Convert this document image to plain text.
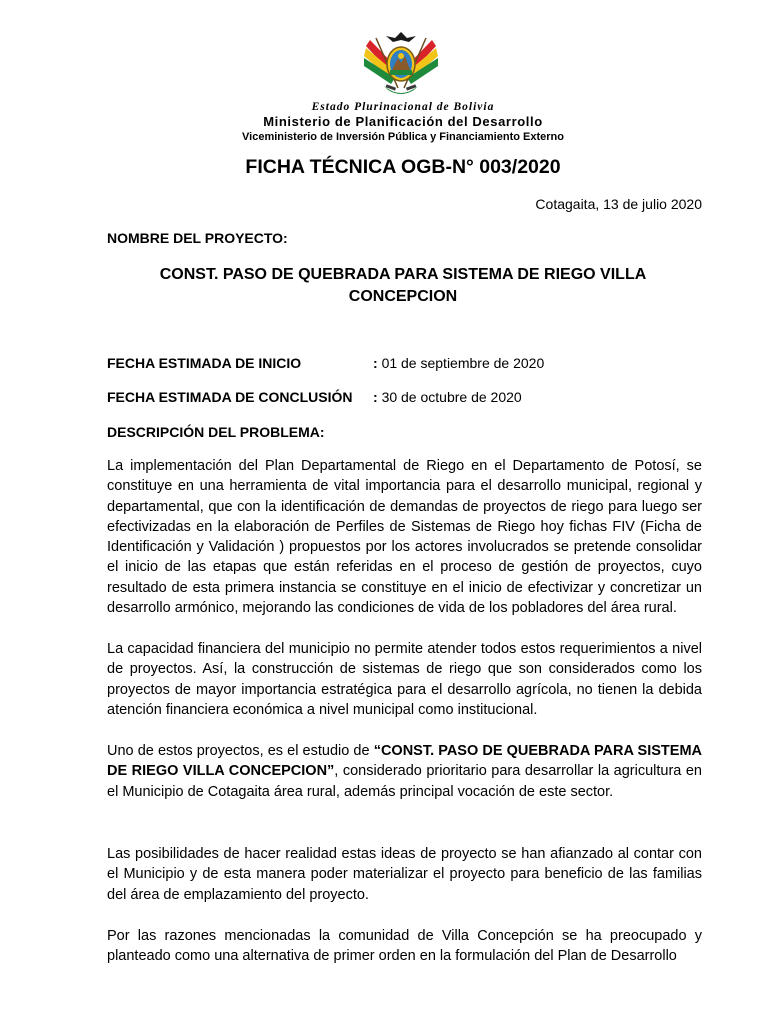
Estado Plurinacional de Bolivia
Ministerio de Planificación del Desarrollo
Viceministerio de Inversión Pública y Financiamiento Externo
FICHA TÉCNICA OGB-N° 003/2020
Cotagaita, 13 de julio 2020
NOMBRE DEL PROYECTO:
CONST. PASO DE QUEBRADA PARA SISTEMA DE RIEGO VILLA CONCEPCION
FECHA ESTIMADA DE INICIO	: 01 de septiembre de 2020
FECHA ESTIMADA DE CONCLUSIÓN : 30 de octubre de 2020
DESCRIPCIÓN DEL PROBLEMA:

La implementación del Plan Departamental de Riego en el Departamento de Potosí, se constituye en una herramienta de vital importancia para el desarrollo municipal, regional y departamental, que con la identificación de demandas de proyectos de riego para luego ser efectivizadas en la elaboración de Perfiles de Sistemas de Riego hoy fichas FIV (Ficha de Identificación y Validación ) propuestos por los actores involucrados se pretende consolidar el inicio de las etapas que están referidas en el proceso de gestión de proyectos, cuyo resultado de esta primera instancia se constituye en el inicio de efectivizar y concretizar un desarrollo armónico, mejorando las condiciones de vida de los pobladores del área rural.

La capacidad financiera del municipio no permite atender todos estos requerimientos a nivel de proyectos. Así, la construcción de sistemas de riego que son considerados como los proyectos de mayor importancia estratégica para el desarrollo agrícola, no tienen la debida atención financiera económica a nivel municipal como institucional.

Uno de estos proyectos, es el estudio de “CONST. PASO DE QUEBRADA PARA SISTEMA DE RIEGO VILLA CONCEPCION”, considerado prioritario para desarrollar la agricultura en el Municipio de Cotagaita área rural, además principal vocación de este sector.

Las posibilidades de hacer realidad estas ideas de proyecto se han afianzado al contar con el Municipio y de esta manera poder materializar el proyecto para beneficio de las familias del área de emplazamiento del proyecto.

Por las razones mencionadas la comunidad de Villa Concepción se ha preocupado y planteado como una alternativa de primer orden en la formulación del Plan de Desarrollo
